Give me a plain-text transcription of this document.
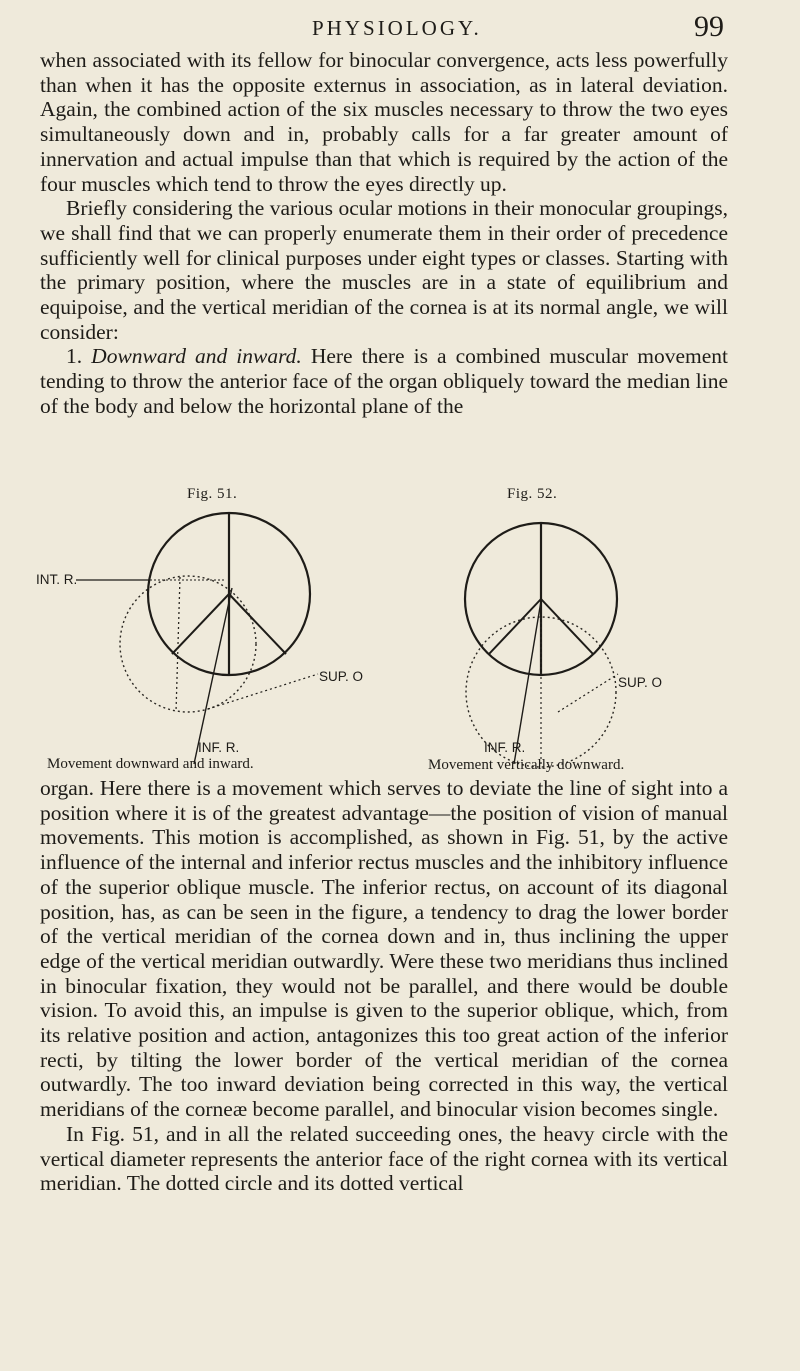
PHYSIOLOGY.	99

when associated with its fellow for binocular convergence, acts less powerfully than when it has the opposite externus in association, as in lateral deviation. Again, the combined action of the six muscles necessary to throw the two eyes simultaneously down and in, probably calls for a far greater amount of innervation and actual impulse than that which is required by the action of the four muscles which tend to throw the eyes directly up.

Briefly considering the various ocular motions in their monocular groupings, we shall find that we can properly enumerate them in their order of precedence sufficiently well for clinical purposes under eight types or classes. Starting with the primary position, where the muscles are in a state of equilibrium and equipoise, and the vertical meridian of the cornea is at its normal angle, we will consider:

1. Downward and inward. Here there is a combined muscular movement tending to throw the anterior face of the organ obliquely toward the median line of the body and below the horizontal plane of the

Fig. 51.
INT. R.
SUP. O
INF. R.
Movement downward and inward.
Fig. 52.
SUP. O
INF. R.
Movement vertically downward.

organ. Here there is a movement which serves to deviate the line of sight into a position where it is of the greatest advantage—the position of vision of manual movements. This motion is accomplished, as shown in Fig. 51, by the active influence of the internal and inferior rectus muscles and the inhibitory influence of the superior oblique muscle. The inferior rectus, on account of its diagonal position, has, as can be seen in the figure, a tendency to drag the lower border of the vertical meridian of the cornea down and in, thus inclining the upper edge of the vertical meridian outwardly. Were these two meridians thus inclined in binocular fixation, they would not be parallel, and there would be double vision. To avoid this, an impulse is given to the superior oblique, which, from its relative position and action, antagonizes this too great action of the inferior recti, by tilting the lower border of the vertical meridian of the cornea outwardly. The too inward deviation being corrected in this way, the vertical meridians of the corneæ become parallel, and binocular vision becomes single.

In Fig. 51, and in all the related succeeding ones, the heavy circle with the vertical diameter represents the anterior face of the right cornea with its vertical meridian. The dotted circle and its dotted vertical
